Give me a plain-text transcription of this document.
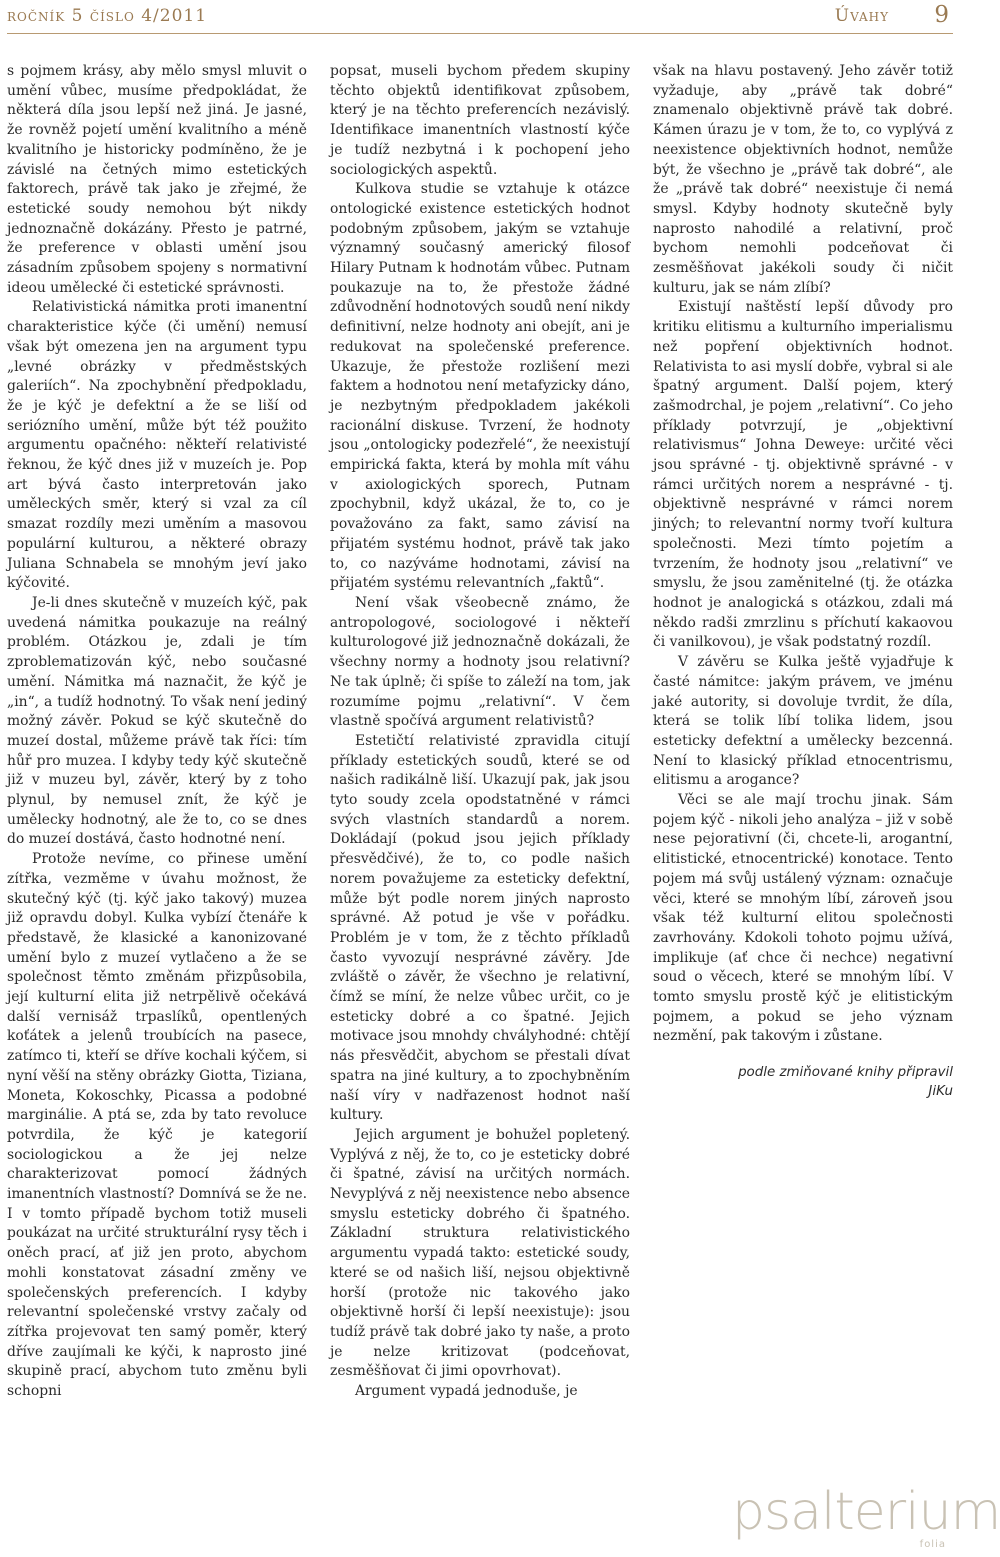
ročník 5 číslo 4/2011	Úvahy 9

s pojmem krásy, aby mělo smysl mluvit o umění vůbec, musíme předpokládat, že některá díla jsou lepší než jiná. Je jasné, že rovněž pojetí umění kvalitního a méně kvalitního je historicky podmíněno, že je závislé na četných mimo estetických faktorech, právě tak jako je zřejmé, že estetické soudy nemohou být nikdy jednoznačně dokázány. Přesto je patrné, že preference v oblasti umění jsou zásadním způsobem spojeny s normativní ideou umělecké či estetické správnosti.

Relativistická námitka proti imanentní charakteristice kýče (či umění) nemusí však být omezena jen na argument typu „levné obrázky v předměstských galeriích“. Na zpochybnění předpokladu, že je kýč je defektní a že se liší od seriózního umění, může být též použito argumentu opačného: někteří relativisté řeknou, že kýč dnes již v muzeích je. Pop art bývá často interpretován jako uměleckých směr, který si vzal za cíl smazat rozdíly mezi uměním a masovou populární kulturou, a některé obrazy Juliana Schnabela se mnohým jeví jako kýčovité.

Je-li dnes skutečně v muzeích kýč, pak uvedená námitka poukazuje na reálný problém. Otázkou je, zdali je tím zproblematizován kýč, nebo současné umění. Námitka má naznačit, že kýč je „in“, a tudíž hodnotný. To však není jediný možný závěr. Pokud se kýč skutečně do muzeí dostal, můžeme právě tak říci: tím hůř pro muzea. I kdyby tedy kýč skutečně již v muzeu byl, závěr, který by z toho plynul, by nemusel znít, že kýč je umělecky hodnotný, ale že to, co se dnes do muzeí dostává, často hodnotné není.

Protože nevíme, co přinese umění zítřka, vezměme v úvahu možnost, že skutečný kýč (tj. kýč jako takový) muzea již opravdu dobyl. Kulka vybízí čtenáře k představě, že klasické a kanonizované umění bylo z muzeí vytlačeno a že se společnost těmto změnám přizpůsobila, její kulturní elita již netrpělivě očekává další vernisáž trpaslíků, opentlených koťátek a jelenů troubících na pasece, zatímco ti, kteří se dříve kochali kýčem, si nyní věší na stěny obrázky Giotta, Tiziana, Moneta, Kokoschky, Picassa a podobné marginálie. A ptá se, zda by tato revoluce potvrdila, že kýč je kategorií sociologickou a že jej nelze charakterizovat pomocí žádných imanentních vlastností? Domnívá se že ne. I v tomto případě bychom totiž museli poukázat na určité strukturální rysy těch i oněch prací, ať již jen proto, abychom mohli konstatovat zásadní změny ve společenských preferencích. I kdyby relevantní společenské vrstvy začaly od zítřka projevovat ten samý poměr, který dříve zaujímali ke kýči, k naprosto jiné skupině prací, abychom tuto změnu byli schopni

popsat, museli bychom předem skupiny těchto objektů identifikovat způsobem, který je na těchto preferencích nezávislý. Identifikace imanentních vlastností kýče je tudíž nezbytná i k pochopení jeho sociologických aspektů.

Kulkova studie se vztahuje k otázce ontologické existence estetických hodnot podobným způsobem, jakým se vztahuje významný současný americký filosof Hilary Putnam k hodnotám vůbec. Putnam poukazuje na to, že přestože žádné zdůvodnění hodnotových soudů není nikdy definitivní, nelze hodnoty ani obejít, ani je redukovat na společenské preference. Ukazuje, že přestože rozlišení mezi faktem a hodnotou není metafyzicky dáno, je nezbytným předpokladem jakékoli racionální diskuse. Tvrzení, že hodnoty jsou „ontologicky podezřelé“, že neexistují empirická fakta, která by mohla mít váhu v axiologických sporech, Putnam zpochybnil, když ukázal, že to, co je považováno za fakt, samo závisí na přijatém systému hodnot, právě tak jako to, co nazýváme hodnotami, závisí na přijatém systému relevantních „faktů“.

Není však všeobecně známo, že antropologové, sociologové i někteří kulturologové již jednoznačně dokázali, že všechny normy a hodnoty jsou relativní? Ne tak úplně; či spíše to záleží na tom, jak rozumíme pojmu „relativní“. V čem vlastně spočívá argument relativistů?

Estetičtí relativisté zpravidla citují příklady estetických soudů, které se od našich radikálně liší. Ukazují pak, jak jsou tyto soudy zcela opodstatněné v rámci svých vlastních standardů a norem. Dokládají (pokud jsou jejich příklady přesvědčivé), že to, co podle našich norem považujeme za esteticky defektní, může být podle norem jiných naprosto správné. Až potud je vše v pořádku. Problém je v tom, že z těchto příkladů často vyvozují nesprávné závěry. Jde zvláště o závěr, že všechno je relativní, čímž se míní, že nelze vůbec určit, co je esteticky dobré a co špatné. Jejich motivace jsou mnohdy chvályhodné: chtějí nás přesvědčit, abychom se přestali dívat spatra na jiné kultury, a to zpochybněním naší víry v nadřazenost hodnot naší kultury.

Jejich argument je bohužel popletený. Vyplývá z něj, že to, co je esteticky dobré či špatné, závisí na určitých normách. Nevyplývá z něj neexistence nebo absence smyslu esteticky dobrého či špatného. Základní struktura relativistického argumentu vypadá takto: estetické soudy, které se od našich liší, nejsou objektivně horší (protože nic takového jako objektivně horší či lepší neexistuje): jsou tudíž právě tak dobré jako ty naše, a proto je nelze kritizovat (podceňovat, zesměšňovat či jimi opovrhovat).

Argument vypadá jednoduše, je

však na hlavu postavený. Jeho závěr totiž vyžaduje, aby „právě tak dobré“ znamenalo objektivně právě tak dobré. Kámen úrazu je v tom, že to, co vyplývá z neexistence objektivních hodnot, nemůže být, že všechno je „právě tak dobré“, ale že „právě tak dobré“ neexistuje či nemá smysl. Kdyby hodnoty skutečně byly naprosto nahodilé a relativní, proč bychom nemohli podceňovat či zesměšňovat jakékoli soudy či ničit kulturu, jak se nám zlíbí?

Existují naštěstí lepší důvody pro kritiku elitismu a kulturního imperialismu než popření objektivních hodnot. Relativista to asi myslí dobře, vybral si ale špatný argument. Další pojem, který zašmodrchal, je pojem „relativní“. Co jeho příklady potvrzují, je „objektivní relativismus“ Johna Deweye: určité věci jsou správné - tj. objektivně správné - v rámci určitých norem a nesprávné - tj. objektivně nesprávné v rámci norem jiných; to relevantní normy tvoří kultura společnosti. Mezi tímto pojetím a tvrzením, že hodnoty jsou „relativní“ ve smyslu, že jsou zaměnitelné (tj. že otázka hodnot je analogická s otázkou, zdali má někdo radši zmrzlinu s příchutí kakaovou či vanilkovou), je však podstatný rozdíl.

V závěru se Kulka ještě vyjadřuje k časté námitce: jakým právem, ve jménu jaké autority, si dovoluje tvrdit, že díla, která se tolik líbí tolika lidem, jsou esteticky defektní a umělecky bezcenná. Není to klasický příklad etnocentrismu, elitismu a arogance?

Věci se ale mají trochu jinak. Sám pojem kýč - nikoli jeho analýza – již v sobě nese pejorativní (či, chcete-li, arogantní, elitistické, etnocentrické) konotace. Tento pojem má svůj ustálený význam: označuje věci, které se mnohým líbí, zároveň jsou však též kulturní elitou společnosti zavrhovány. Kdokoli tohoto pojmu užívá, implikuje (ať chce či nechce) negativní soud o věcech, které se mnohým líbí. V tomto smyslu prostě kýč je elitistickým pojmem, a pokud se jeho význam nezmění, pak takovým i zůstane.

podle zmiňované knihy připravil
JiKu
psalterium
folia
